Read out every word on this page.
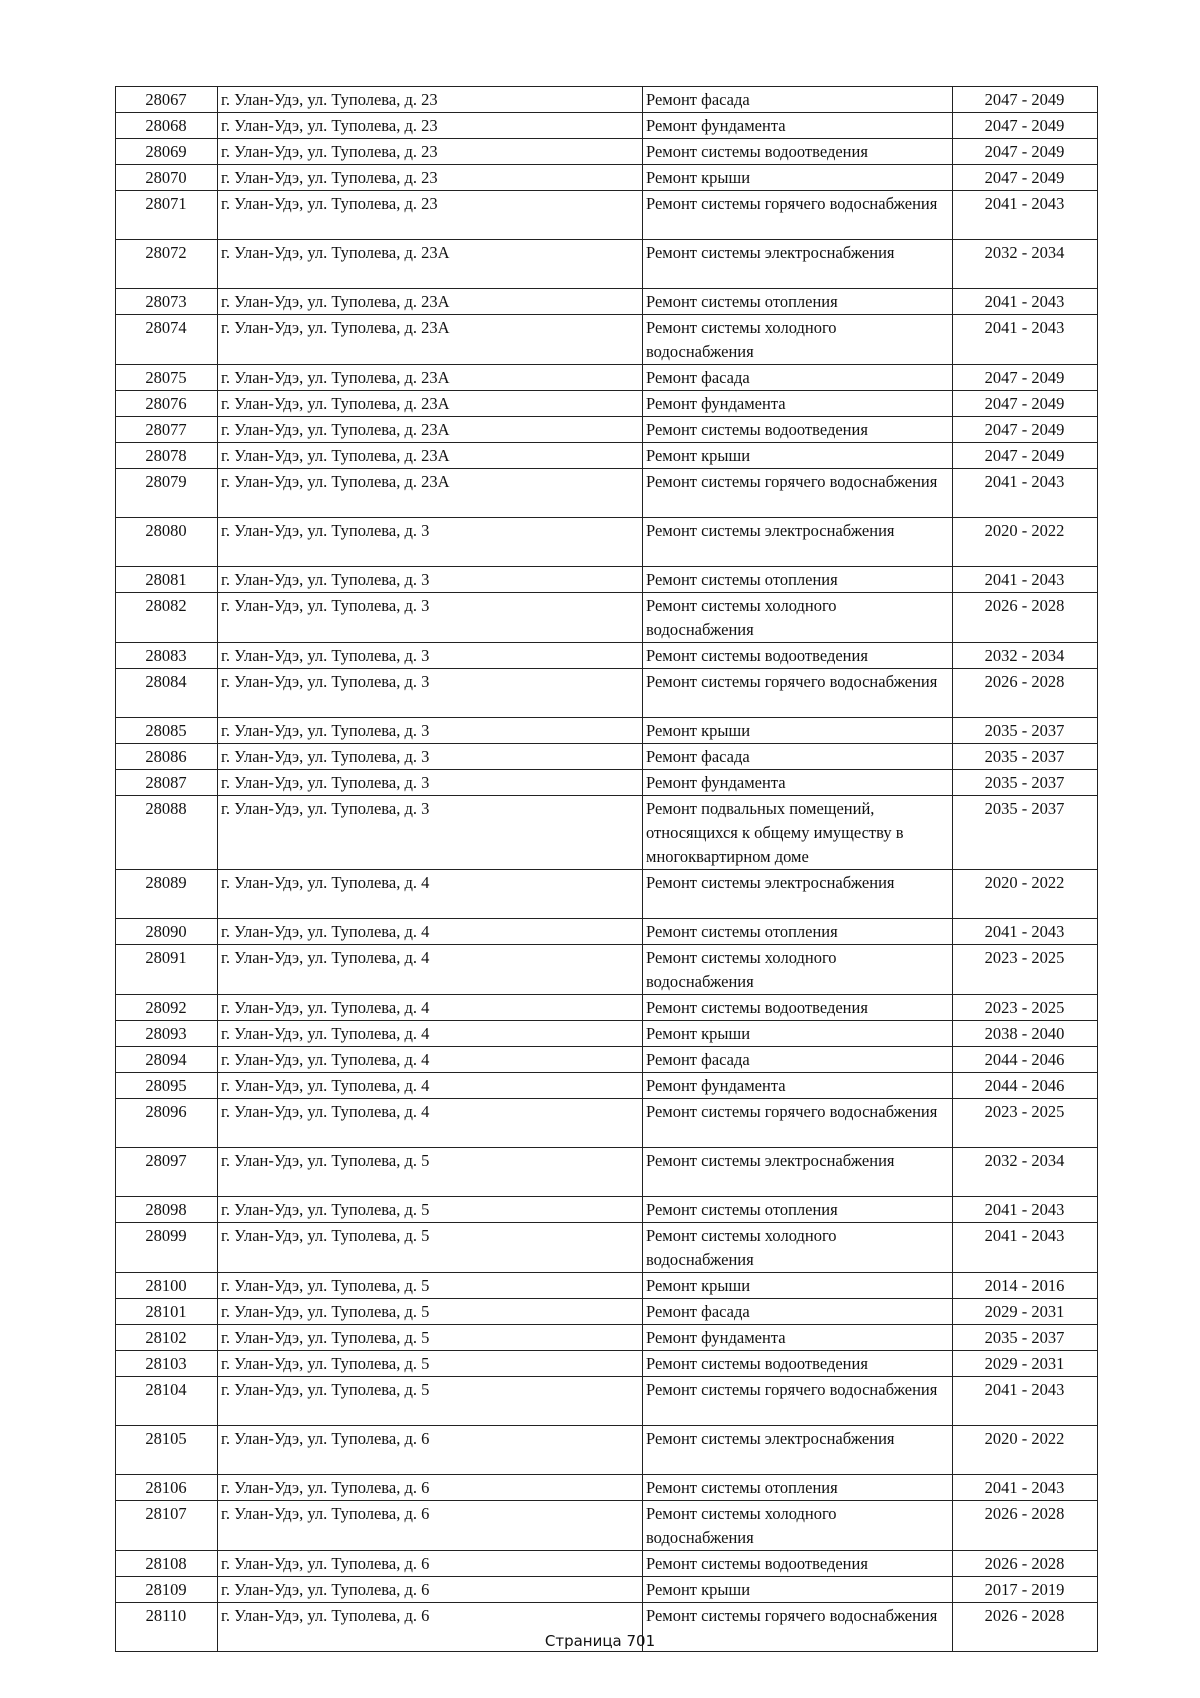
28067	г. Улан-Удэ, ул. Туполева, д. 23	Ремонт фасада	2047 - 2049
28068	г. Улан-Удэ, ул. Туполева, д. 23	Ремонт фундамента	2047 - 2049
28069	г. Улан-Удэ, ул. Туполева, д. 23	Ремонт системы водоотведения	2047 - 2049
28070	г. Улан-Удэ, ул. Туполева, д. 23	Ремонт крыши	2047 - 2049
28071	г. Улан-Удэ, ул. Туполева, д. 23	Ремонт системы горячего водоснабжения	2041 - 2043
28072	г. Улан-Удэ, ул. Туполева, д. 23А	Ремонт системы электроснабжения	2032 - 2034
28073	г. Улан-Удэ, ул. Туполева, д. 23А	Ремонт системы отопления	2041 - 2043
28074	г. Улан-Удэ, ул. Туполева, д. 23А	Ремонт системы холодного водоснабжения	2041 - 2043
28075	г. Улан-Удэ, ул. Туполева, д. 23А	Ремонт фасада	2047 - 2049
28076	г. Улан-Удэ, ул. Туполева, д. 23А	Ремонт фундамента	2047 - 2049
28077	г. Улан-Удэ, ул. Туполева, д. 23А	Ремонт системы водоотведения	2047 - 2049
28078	г. Улан-Удэ, ул. Туполева, д. 23А	Ремонт крыши	2047 - 2049
28079	г. Улан-Удэ, ул. Туполева, д. 23А	Ремонт системы горячего водоснабжения	2041 - 2043
28080	г. Улан-Удэ, ул. Туполева, д. 3	Ремонт системы электроснабжения	2020 - 2022
28081	г. Улан-Удэ, ул. Туполева, д. 3	Ремонт системы отопления	2041 - 2043
28082	г. Улан-Удэ, ул. Туполева, д. 3	Ремонт системы холодного водоснабжения	2026 - 2028
28083	г. Улан-Удэ, ул. Туполева, д. 3	Ремонт системы водоотведения	2032 - 2034
28084	г. Улан-Удэ, ул. Туполева, д. 3	Ремонт системы горячего водоснабжения	2026 - 2028
28085	г. Улан-Удэ, ул. Туполева, д. 3	Ремонт крыши	2035 - 2037
28086	г. Улан-Удэ, ул. Туполева, д. 3	Ремонт фасада	2035 - 2037
28087	г. Улан-Удэ, ул. Туполева, д. 3	Ремонт фундамента	2035 - 2037
28088	г. Улан-Удэ, ул. Туполева, д. 3	Ремонт подвальных помещений, относящихся к общему имуществу в многоквартирном доме	2035 - 2037
28089	г. Улан-Удэ, ул. Туполева, д. 4	Ремонт системы электроснабжения	2020 - 2022
28090	г. Улан-Удэ, ул. Туполева, д. 4	Ремонт системы отопления	2041 - 2043
28091	г. Улан-Удэ, ул. Туполева, д. 4	Ремонт системы холодного водоснабжения	2023 - 2025
28092	г. Улан-Удэ, ул. Туполева, д. 4	Ремонт системы водоотведения	2023 - 2025
28093	г. Улан-Удэ, ул. Туполева, д. 4	Ремонт крыши	2038 - 2040
28094	г. Улан-Удэ, ул. Туполева, д. 4	Ремонт фасада	2044 - 2046
28095	г. Улан-Удэ, ул. Туполева, д. 4	Ремонт фундамента	2044 - 2046
28096	г. Улан-Удэ, ул. Туполева, д. 4	Ремонт системы горячего водоснабжения	2023 - 2025
28097	г. Улан-Удэ, ул. Туполева, д. 5	Ремонт системы электроснабжения	2032 - 2034
28098	г. Улан-Удэ, ул. Туполева, д. 5	Ремонт системы отопления	2041 - 2043
28099	г. Улан-Удэ, ул. Туполева, д. 5	Ремонт системы холодного водоснабжения	2041 - 2043
28100	г. Улан-Удэ, ул. Туполева, д. 5	Ремонт крыши	2014 - 2016
28101	г. Улан-Удэ, ул. Туполева, д. 5	Ремонт фасада	2029 - 2031
28102	г. Улан-Удэ, ул. Туполева, д. 5	Ремонт фундамента	2035 - 2037
28103	г. Улан-Удэ, ул. Туполева, д. 5	Ремонт системы водоотведения	2029 - 2031
28104	г. Улан-Удэ, ул. Туполева, д. 5	Ремонт системы горячего водоснабжения	2041 - 2043
28105	г. Улан-Удэ, ул. Туполева, д. 6	Ремонт системы электроснабжения	2020 - 2022
28106	г. Улан-Удэ, ул. Туполева, д. 6	Ремонт системы отопления	2041 - 2043
28107	г. Улан-Удэ, ул. Туполева, д. 6	Ремонт системы холодного водоснабжения	2026 - 2028
28108	г. Улан-Удэ, ул. Туполева, д. 6	Ремонт системы водоотведения	2026 - 2028
28109	г. Улан-Удэ, ул. Туполева, д. 6	Ремонт крыши	2017 - 2019
28110	г. Улан-Удэ, ул. Туполева, д. 6	Ремонт системы горячего водоснабжения	2026 - 2028
Страница 701
